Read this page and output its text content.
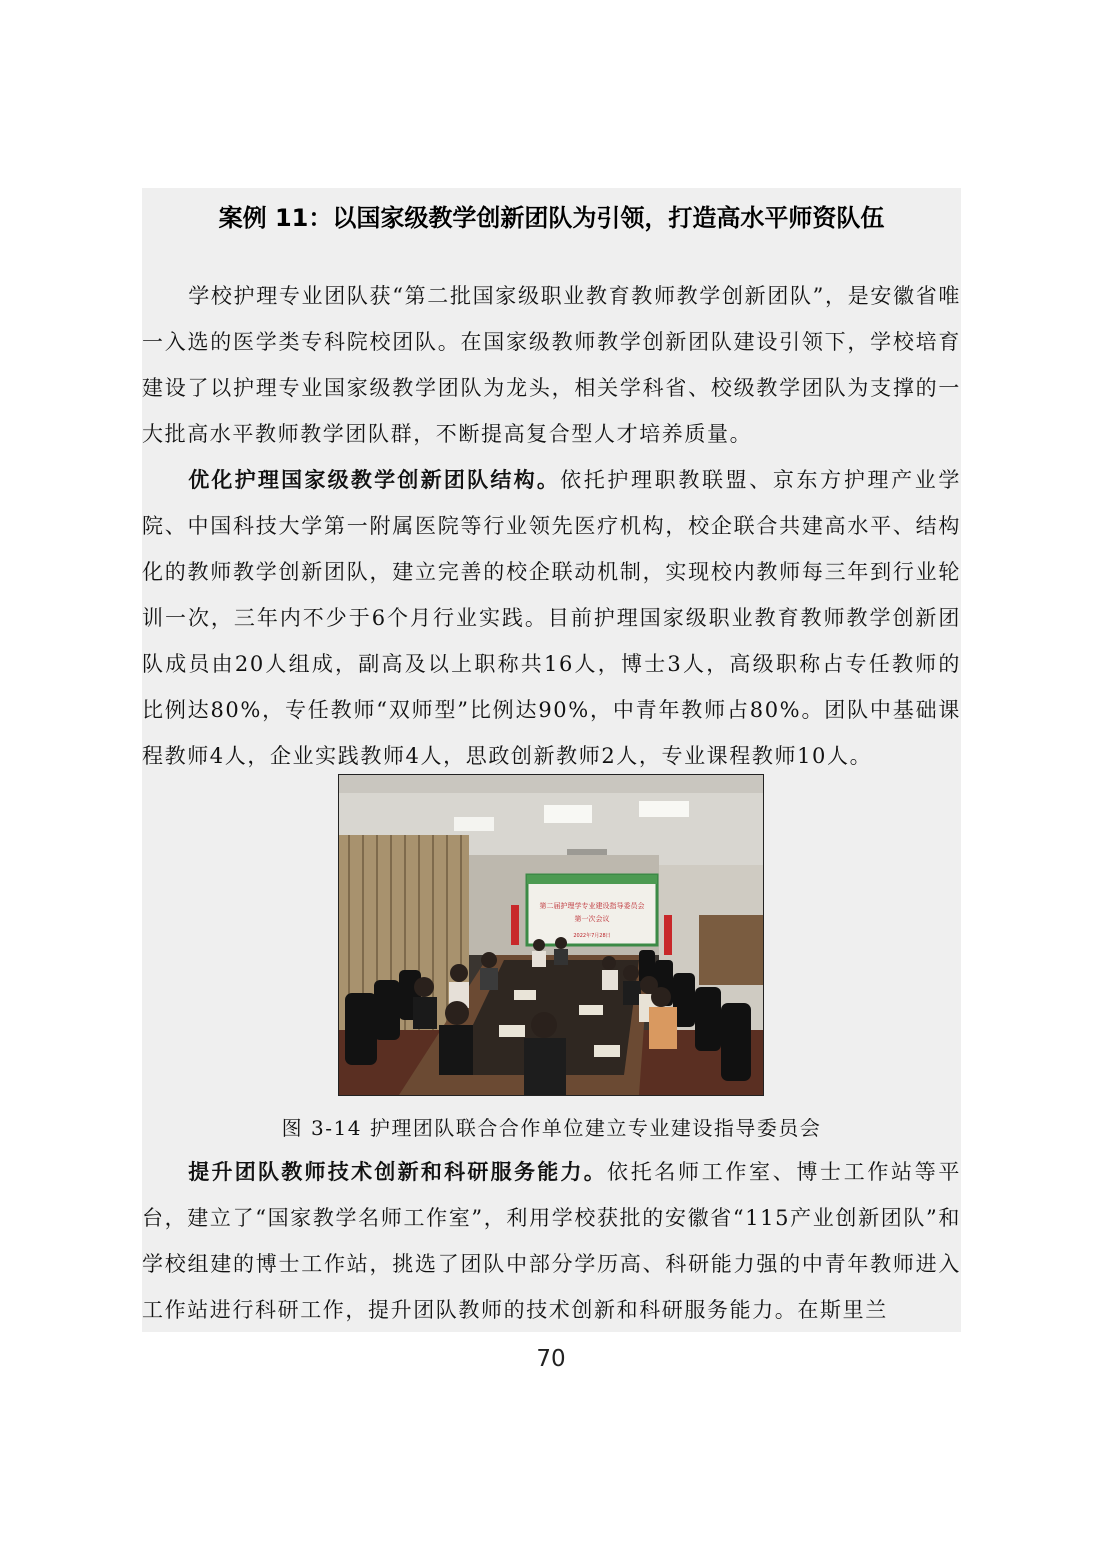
案例 11：以国家级教学创新团队为引领，打造高水平师资队伍

学校护理专业团队获“第二批国家级职业教育教师教学创新团队”，是安徽省唯一入选的医学类专科院校团队。在国家级教师教学创新团队建设引领下，学校培育建设了以护理专业国家级教学团队为龙头，相关学科省、校级教学团队为支撑的一大批高水平教师教学团队群，不断提高复合型人才培养质量。

优化护理国家级教学创新团队结构。依托护理职教联盟、京东方护理产业学院、中国科技大学第一附属医院等行业领先医疗机构，校企联合共建高水平、结构化的教师教学创新团队，建立完善的校企联动机制，实现校内教师每三年到行业轮训一次，三年内不少于6个月行业实践。目前护理国家级职业教育教师教学创新团队成员由20人组成，副高及以上职称共16人，博士3人，高级职称占专任教师的比例达80%，专任教师“双师型”比例达90%，中青年教师占80%。团队中基础课程教师4人，企业实践教师4人，思政创新教师2人，专业课程教师10人。

第二届护理学专业建设指导委员会
第一次会议
2022年7月28日

图 3-14 护理团队联合合作单位建立专业建设指导委员会

提升团队教师技术创新和科研服务能力。依托名师工作室、博士工作站等平台，建立了“国家教学名师工作室”，利用学校获批的安徽省“115产业创新团队”和学校组建的博士工作站，挑选了团队中部分学历高、科研能力强的中青年教师进入工作站进行科研工作，提升团队教师的技术创新和科研服务能力。在斯里兰

70
